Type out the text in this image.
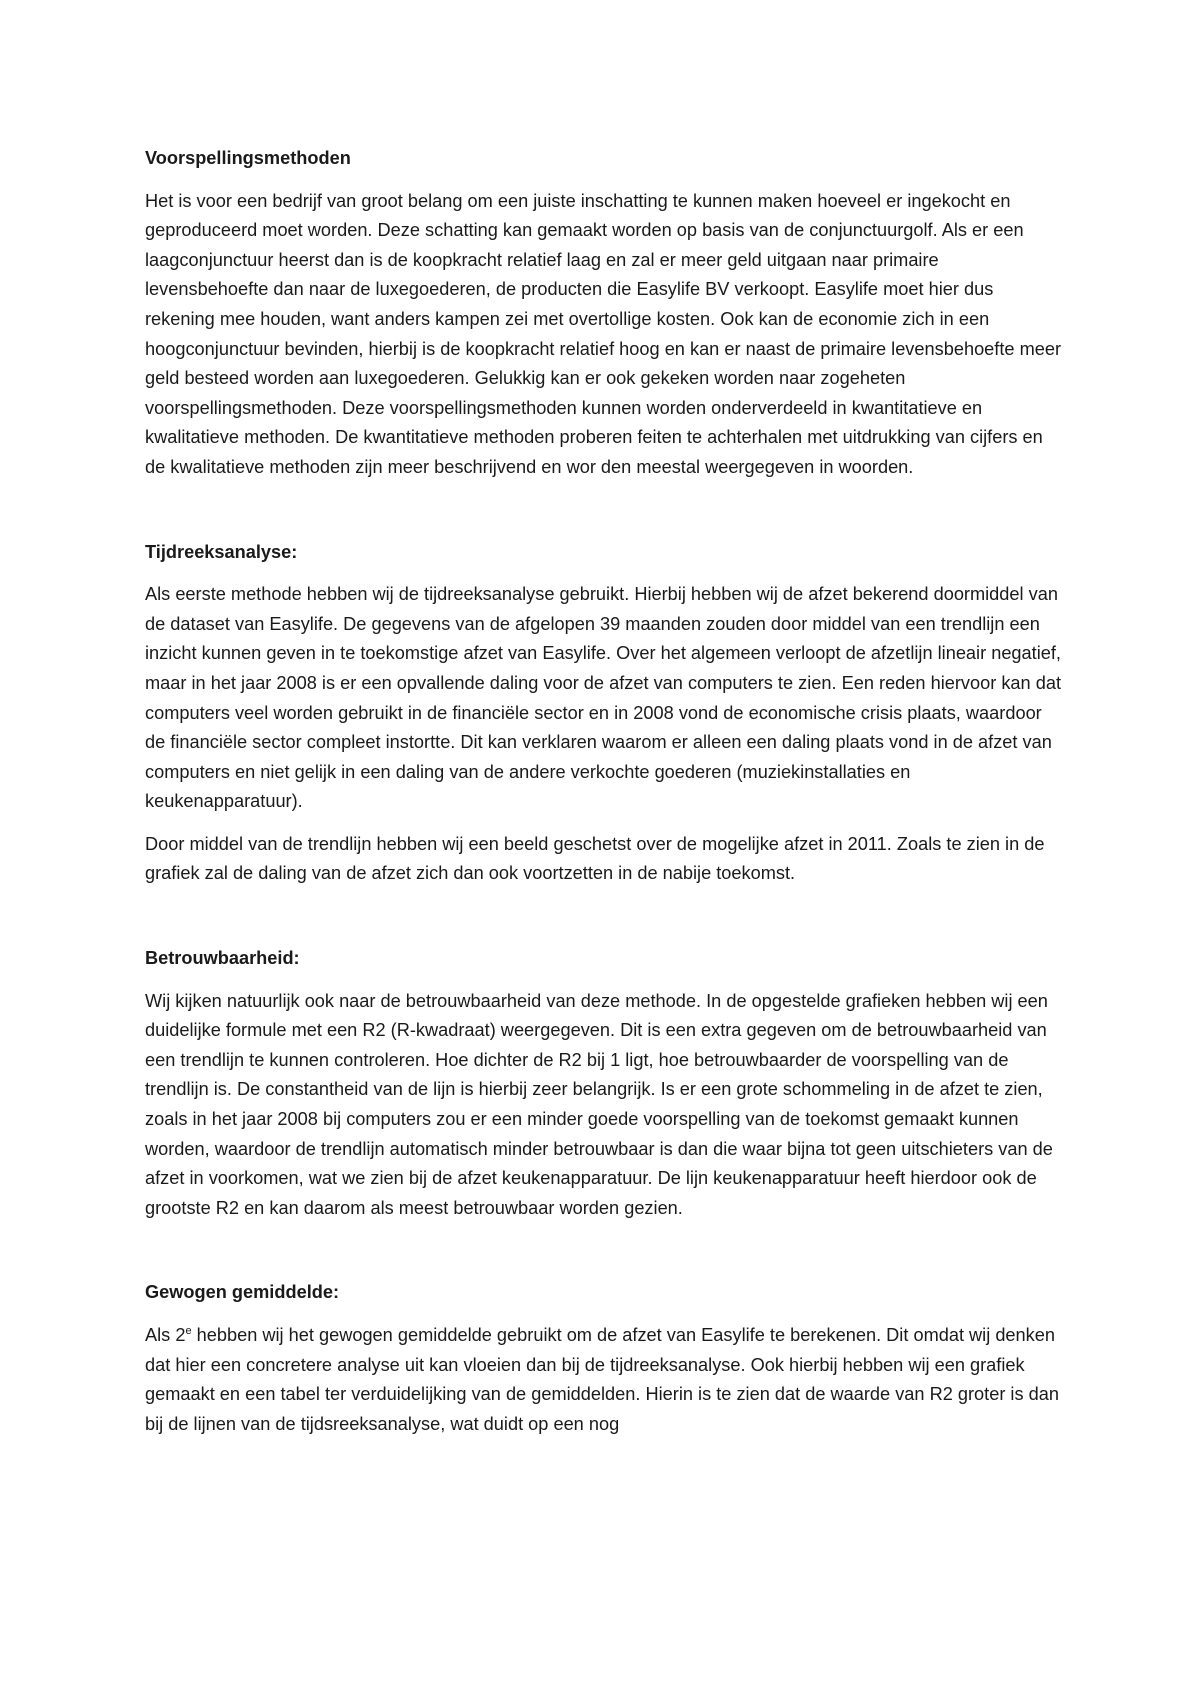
Voorspellingsmethoden

Het is voor een bedrijf van groot belang om een juiste inschatting te kunnen maken hoeveel er ingekocht en geproduceerd moet worden. Deze schatting kan gemaakt worden op basis van de conjunctuurgolf. Als er een laagconjunctuur heerst dan is de koopkracht relatief laag en zal er meer geld uitgaan naar primaire levensbehoefte dan naar de luxegoederen, de producten die Easylife BV verkoopt. Easylife moet hier dus rekening mee houden, want anders kampen zei met overtollige kosten. Ook kan de economie zich in een hoogconjunctuur bevinden, hierbij is de koopkracht relatief hoog en kan er naast de primaire levensbehoefte meer geld besteed worden aan luxegoederen. Gelukkig kan er ook gekeken worden naar zogeheten voorspellingsmethoden. Deze voorspellingsmethoden kunnen worden onderverdeeld in kwantitatieve en kwalitatieve methoden. De kwantitatieve methoden proberen feiten te achterhalen met uitdrukking van cijfers en de kwalitatieve methoden zijn meer beschrijvend en wor den meestal weergegeven in woorden.

Tijdreeksanalyse:

Als eerste methode hebben wij de tijdreeksanalyse gebruikt. Hierbij hebben wij de afzet bekerend doormiddel van de dataset van Easylife. De gegevens van de afgelopen 39 maanden zouden door middel van een trendlijn een inzicht kunnen geven in te toekomstige afzet van Easylife. Over het algemeen verloopt de afzetlijn lineair negatief, maar in het jaar 2008 is er een opvallende daling voor de afzet van computers te zien. Een reden hiervoor kan dat computers veel worden gebruikt in de financiële sector en in 2008 vond de economische crisis plaats, waardoor de financiële sector compleet instortte. Dit kan verklaren waarom er alleen een daling plaats vond in de afzet van computers en niet gelijk in een daling van de andere verkochte goederen (muziekinstallaties en keukenapparatuur).

Door middel van de trendlijn hebben wij een beeld geschetst over de mogelijke afzet in 2011. Zoals te zien in de grafiek zal de daling van de afzet zich dan ook voortzetten in de nabije toekomst.

Betrouwbaarheid:

Wij kijken natuurlijk ook naar de betrouwbaarheid van deze methode. In de opgestelde grafieken hebben wij een duidelijke formule met een R2 (R-kwadraat) weergegeven. Dit is een extra gegeven om de betrouwbaarheid van een trendlijn te kunnen controleren. Hoe dichter de R2 bij 1 ligt, hoe betrouwbaarder de voorspelling van de trendlijn is. De constantheid van de lijn is hierbij zeer belangrijk. Is er een grote schommeling in de afzet te zien, zoals in het jaar 2008 bij computers zou er een minder goede voorspelling van de toekomst gemaakt kunnen worden, waardoor de trendlijn automatisch minder betrouwbaar is dan die waar bijna tot geen uitschieters van de afzet in voorkomen, wat we zien bij de afzet keukenapparatuur. De lijn keukenapparatuur heeft hierdoor ook de grootste R2 en kan daarom als meest betrouwbaar worden gezien.

Gewogen gemiddelde:

Als 2e hebben wij het gewogen gemiddelde gebruikt om de afzet van Easylife te berekenen. Dit omdat wij denken dat hier een concretere analyse uit kan vloeien dan bij de tijdreeksanalyse. Ook hierbij hebben wij een grafiek gemaakt en een tabel ter verduidelijking van de gemiddelden. Hierin is te zien dat de waarde van R2 groter is dan bij de lijnen van de tijdsreeksanalyse, wat duidt op een nog
